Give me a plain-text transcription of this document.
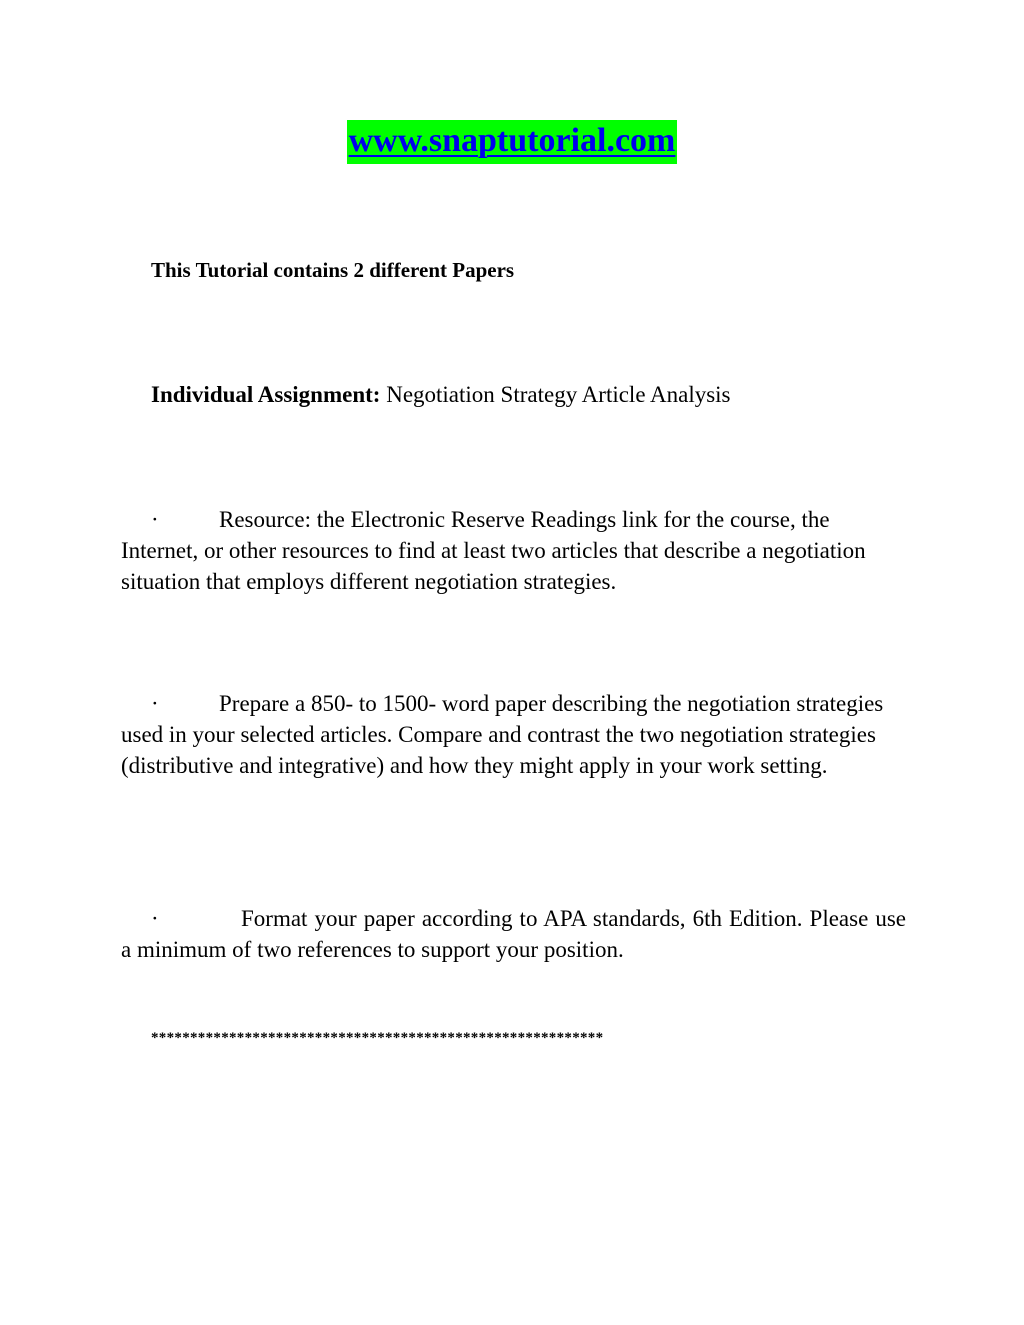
www.snaptutorial.com
This Tutorial contains 2 different Papers
Individual Assignment: Negotiation Strategy Article Analysis
·	Resource: the Electronic Reserve Readings link for the course, the Internet, or other resources to find at least two articles that describe a negotiation situation that employs different negotiation strategies.
·	Prepare a 850- to 1500- word paper describing the negotiation strategies used in your selected articles. Compare and contrast the two negotiation strategies (distributive and integrative) and how they might apply in your work setting.
·	Format your paper according to APA standards, 6th Edition. Please use a minimum of two references to support your position.
**********************************************************
